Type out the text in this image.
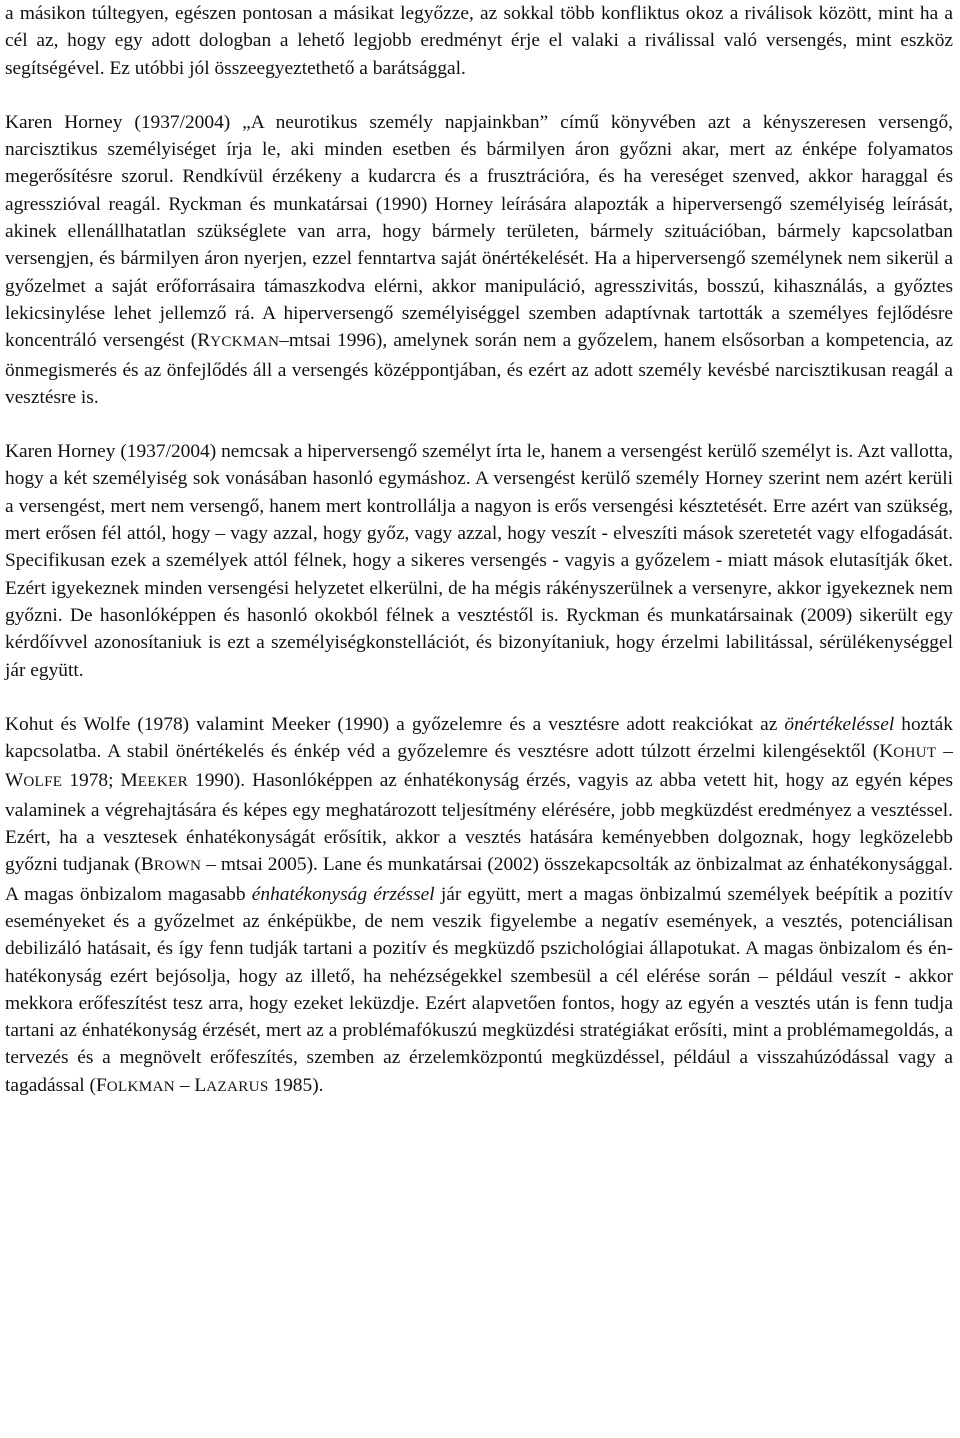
a másikon túltegyen, egészen pontosan a másikat legyőzze, az sokkal több konfliktus okoz a riválisok között, mint ha a cél az, hogy egy adott dologban a lehető legjobb eredményt érje el valaki a riválissal való versengés, mint eszköz segítségével. Ez utóbbi jól összeegyeztethető a barátsággal.

Karen Horney (1937/2004) „A neurotikus személy napjainkban” című könyvében azt a kényszeresen versengő, narcisztikus személyiséget írja le, aki minden esetben és bármilyen áron győzni akar, mert az énképe folyamatos megerősítésre szorul. Rendkívül érzékeny a kudarcra és a frusztrációra, és ha vereséget szenved, akkor haraggal és agresszióval reagál. Ryckman és munkatársai (1990) Horney leírására alapozták a hiperversengő személyiség leírását, akinek ellenállhatatlan szükséglete van arra, hogy bármely területen, bármely szituációban, bármely kapcsolatban versengjen, és bármilyen áron nyerjen, ezzel fenntartva saját önértékelését. Ha a hiperversengő személynek nem sikerül a győzelmet a saját erőforrásaira támaszkodva elérni, akkor manipuláció, agresszivitás, bosszú, kihasználás, a győztes lekicsinylése lehet jellemző rá. A hiperversengő személyiséggel szemben adaptívnak tartották a személyes fejlődésre koncentráló versengést (RYCKMAN–mtsai 1996), amelynek során nem a győzelem, hanem elsősorban a kompetencia, az önmegismerés és az önfejlődés áll a versengés középpontjában, és ezért az adott személy kevésbé narcisztikusan reagál a vesztésre is.

Karen Horney (1937/2004) nemcsak a hiperversengő személyt írta le, hanem a versengést kerülő személyt is. Azt vallotta, hogy a két személyiség sok vonásában hasonló egymáshoz. A versengést kerülő személy Horney szerint nem azért kerüli a versengést, mert nem versengő, hanem mert kontrollálja a nagyon is erős versengési késztetését. Erre azért van szükség, mert erősen fél attól, hogy – vagy azzal, hogy győz, vagy azzal, hogy veszít - elveszíti mások szeretetét vagy elfogadását. Specifikusan ezek a személyek attól félnek, hogy a sikeres versengés - vagyis a győzelem - miatt mások elutasítják őket. Ezért igyekeznek minden versengési helyzetet elkerülni, de ha mégis rákényszerülnek a versenyre, akkor igyekeznek nem győzni. De hasonlóképpen és hasonló okokból félnek a vesztéstől is. Ryckman és munkatársainak (2009) sikerült egy kérdőívvel azonosítaniuk is ezt a személyiségkonstellációt, és bizonyítaniuk, hogy érzelmi labilitással, sérülékenységgel jár együtt.

Kohut és Wolfe (1978) valamint Meeker (1990) a győzelemre és a vesztésre adott reakciókat az önértékeléssel hozták kapcsolatba. A stabil önértékelés és énkép véd a győzelemre és vesztésre adott túlzott érzelmi kilengésektől (KOHUT – WOLFE 1978; MEEKER 1990). Hasonlóképpen az énhatékonyság érzés, vagyis az abba vetett hit, hogy az egyén képes valaminek a végrehajtására és képes egy meghatározott teljesítmény elérésére, jobb megküzdést eredményez a vesztéssel. Ezért, ha a vesztesek énhatékonyságát erősítik, akkor a vesztés hatására keményebben dolgoznak, hogy legközelebb győzni tudjanak (BROWN – mtsai 2005). Lane és munkatársai (2002) összekapcsolták az önbizalmat az énhatékonysággal. A magas önbizalom magasabb énhatékonyság érzéssel jár együtt, mert a magas önbizalmú személyek beépítik a pozitív eseményeket és a győzelmet az énképükbe, de nem veszik figyelembe a negatív események, a vesztés, potenciálisan debilizáló hatásait, és így fenn tudják tartani a pozitív és megküzdő pszichológiai állapotukat. A magas önbizalom és én-hatékonyság ezért bejósolja, hogy az illető, ha nehézségekkel szembesül a cél elérése során – például veszít - akkor mekkora erőfeszítést tesz arra, hogy ezeket leküzdje. Ezért alapvetően fontos, hogy az egyén a vesztés után is fenn tudja tartani az énhatékonyság érzését, mert az a problémafókuszú megküzdési stratégiákat erősíti, mint a problémamegoldás, a tervezés és a megnövelt erőfeszítés, szemben az érzelemközpontú megküzdéssel, például a visszahúzódással vagy a tagadással (FOLKMAN – LAZARUS 1985).
